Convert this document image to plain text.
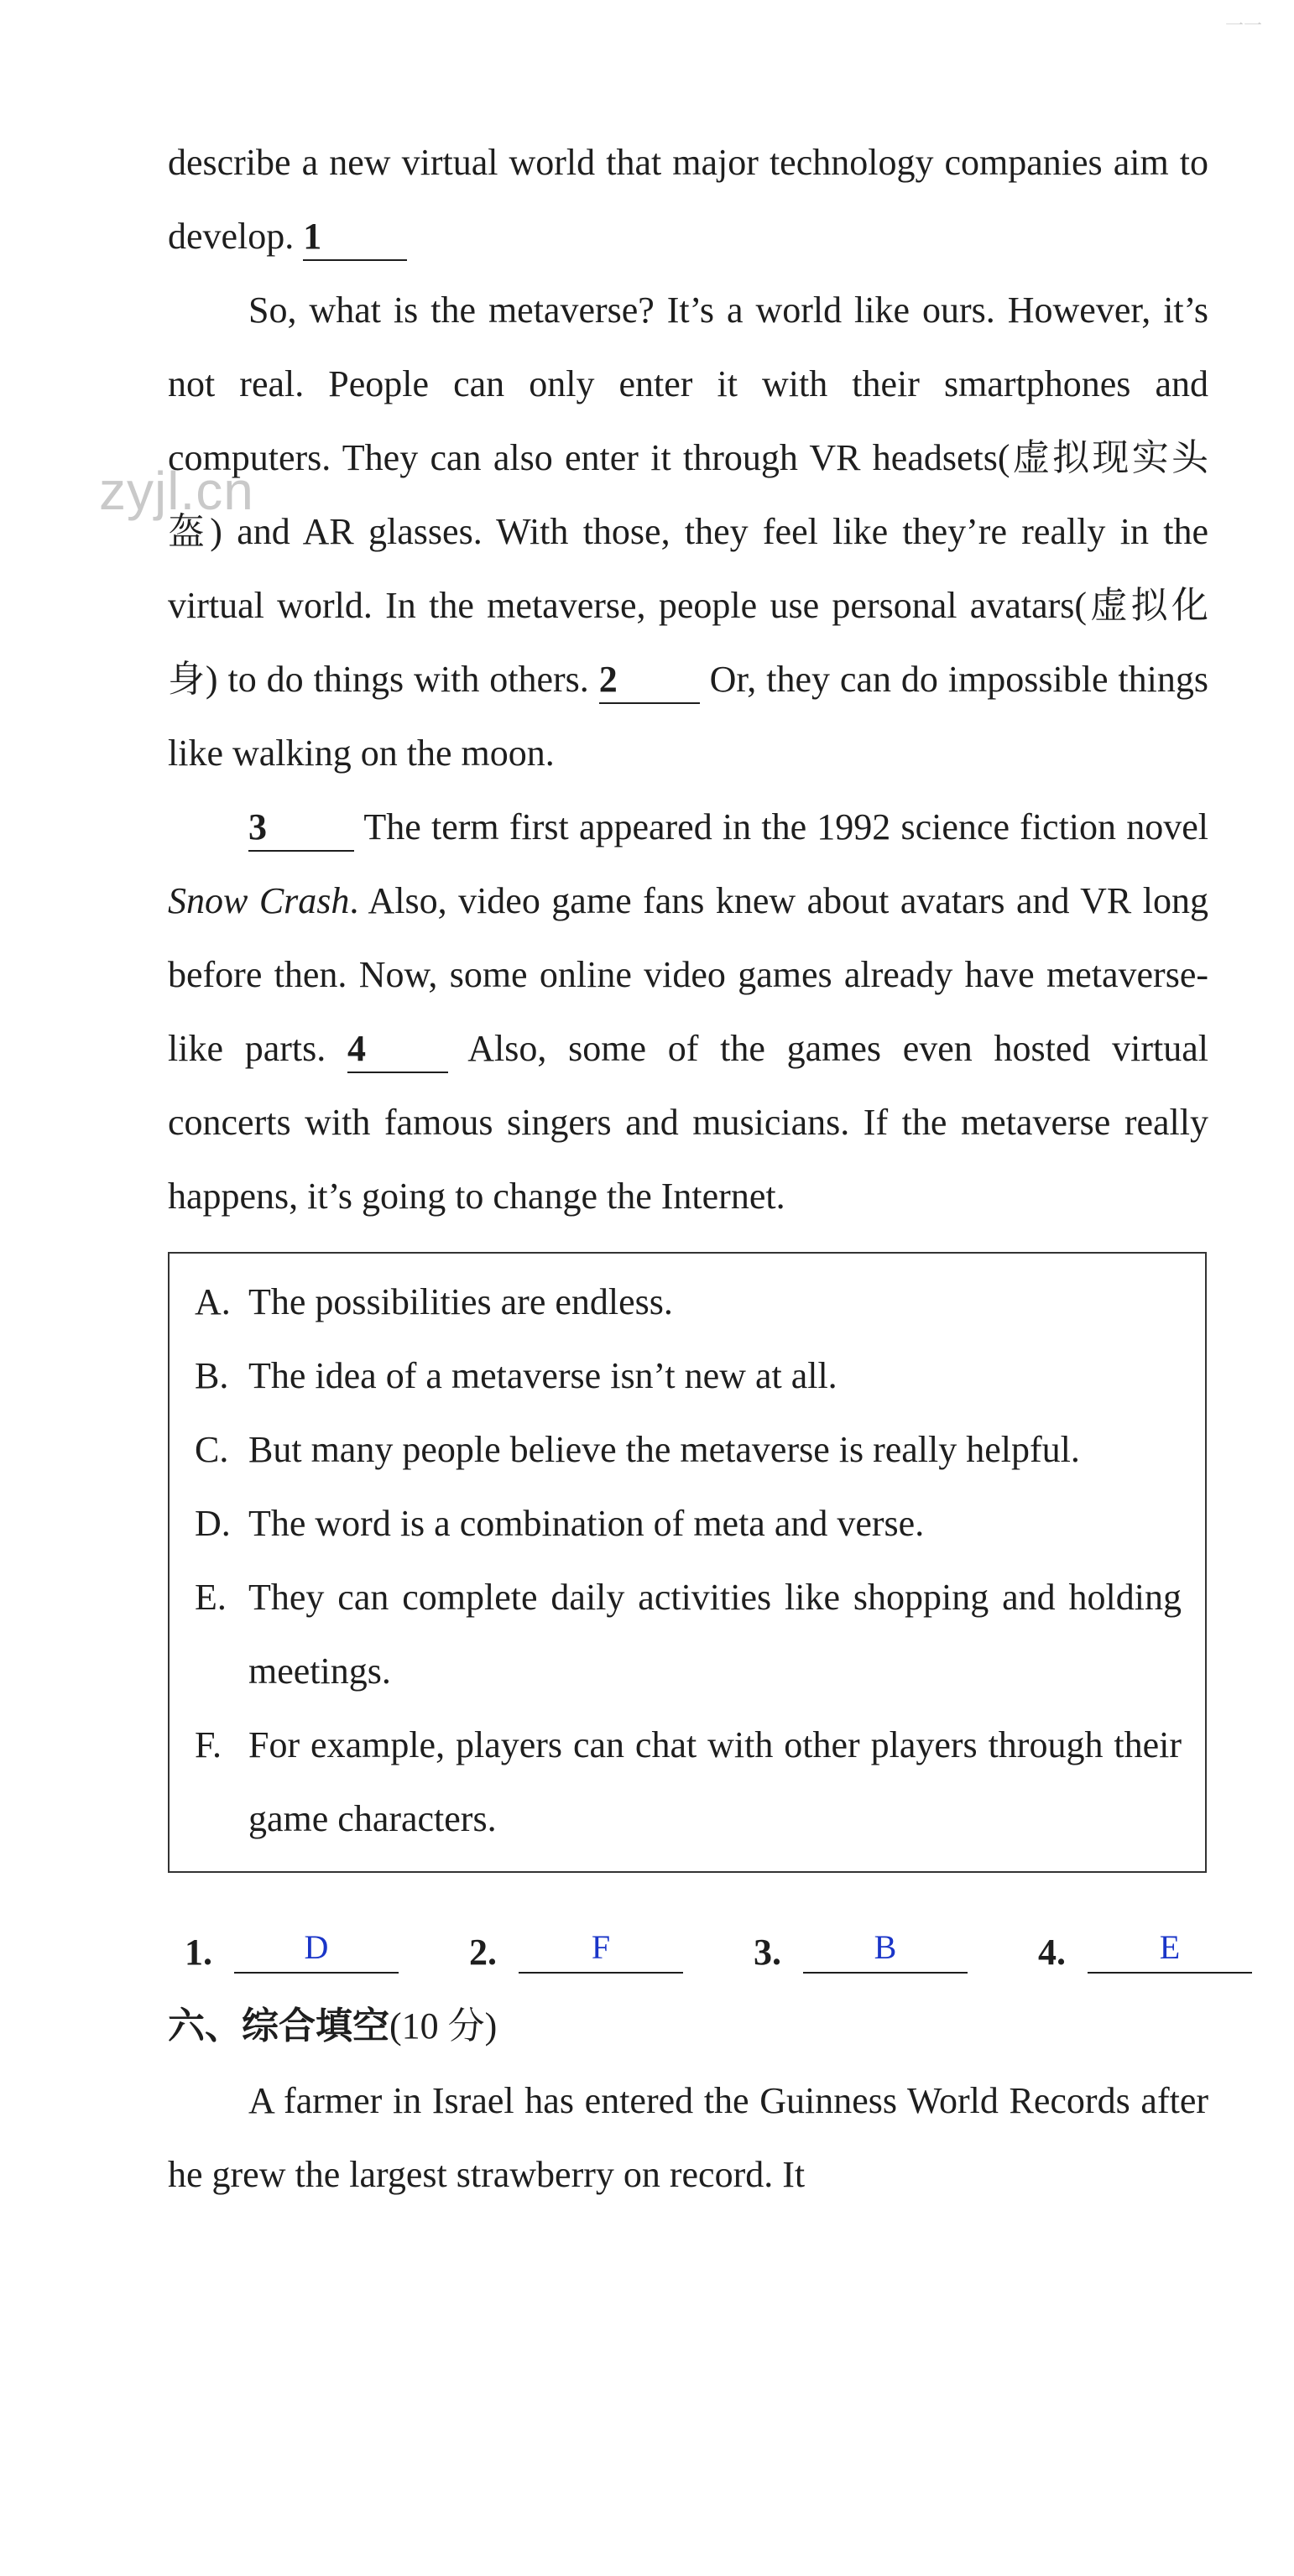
一一
zyjl.cn

describe a new virtual world that major technology companies aim to develop. 1

So, what is the metaverse? It’s a world like ours. However, it’s not real. People can only enter it with their smartphones and computers. They can also enter it through VR headsets(虚拟现实头盔) and AR glasses. With those, they feel like they’re really in the virtual world. In the metaverse, people use personal avatars(虚拟化身) to do things with others. 2 Or, they can do impossible things like walking on the moon.

3 The term first appeared in the 1992 science fiction novel Snow Crash. Also, video game fans knew about avatars and VR long before then. Now, some online video games already have metaverse-like parts. 4 Also, some of the games even hosted virtual concerts with famous singers and musicians. If the metaverse really happens, it’s going to change the Internet.

A. The possibilities are endless.
B. The idea of a metaverse isn’t new at all.
C. But many people believe the metaverse is really helpful.
D. The word is a combination of meta and verse.
E. They can complete daily activities like shopping and holding meetings.
F. For example, players can chat with other players through their game characters.
1.	D	2.	F	3.	B	4.	E
六、综合填空(10 分)

A farmer in Israel has entered the Guinness World Records after he grew the largest strawberry on record. It
